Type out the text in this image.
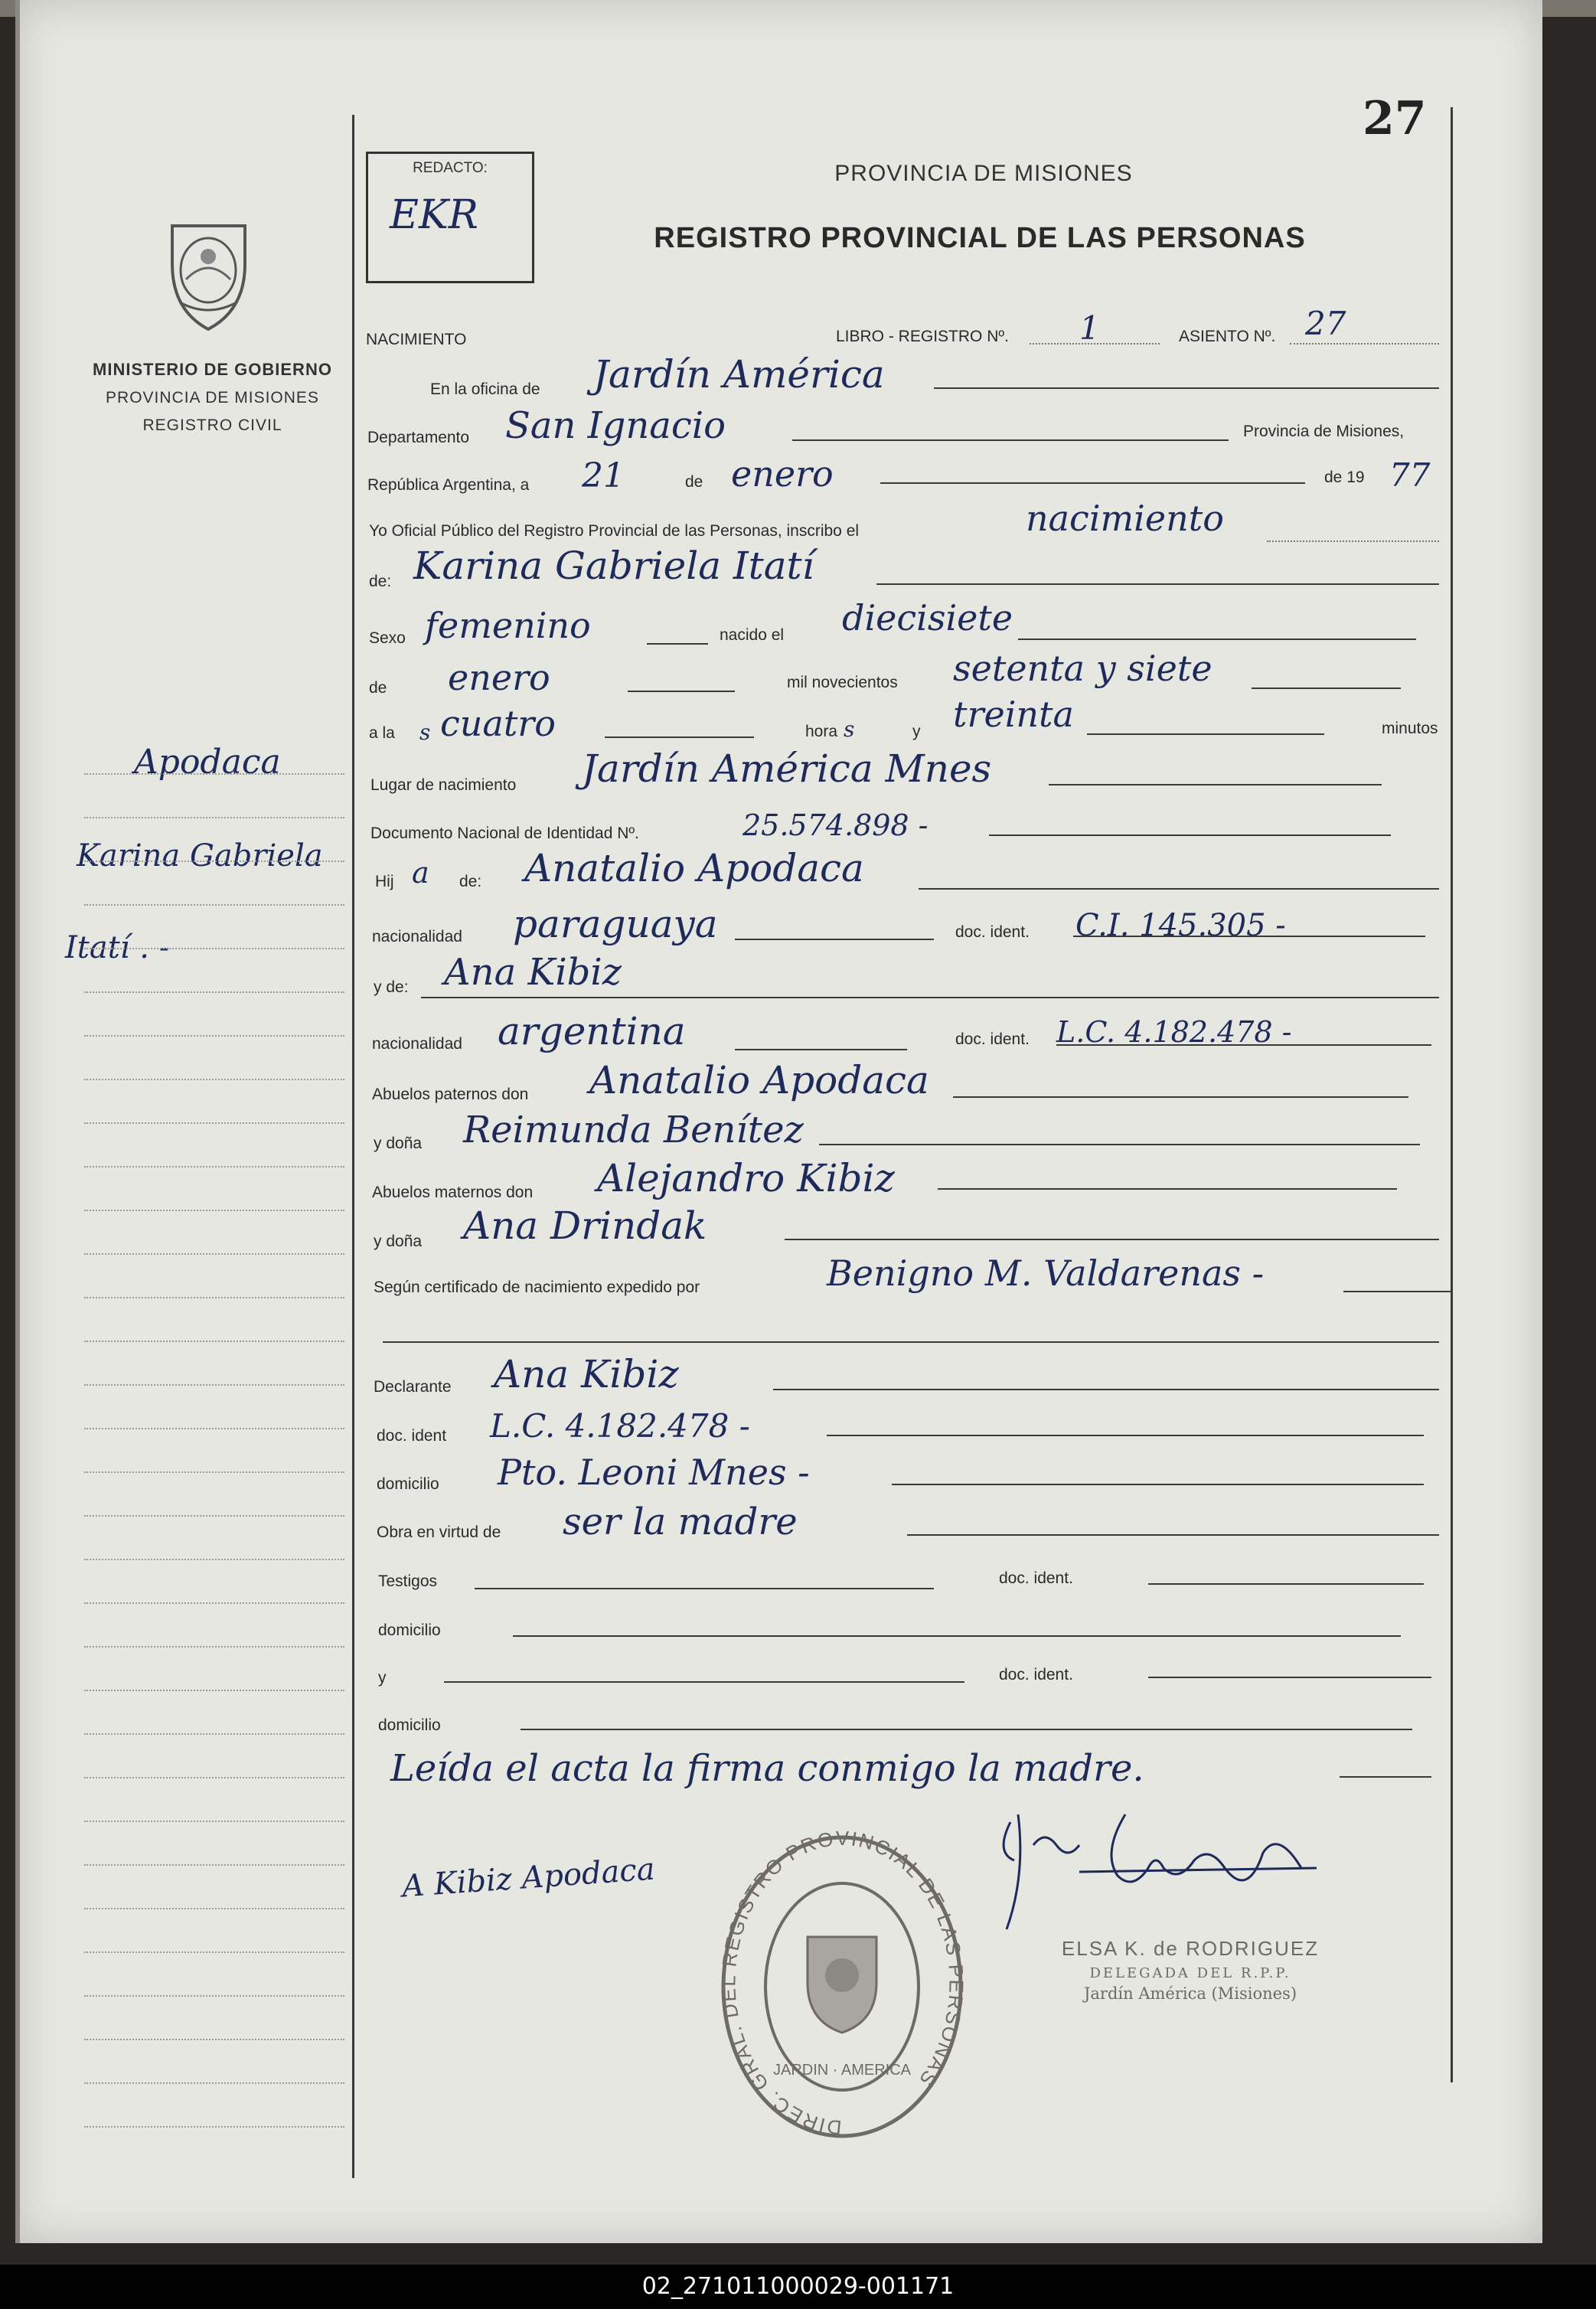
27
REDACTO:
EKR
PROVINCIA DE MISIONES
REGISTRO PROVINCIAL DE LAS PERSONAS
MINISTERIO DE GOBIERNO
PROVINCIA DE MISIONES
REGISTRO CIVIL
Apodaca
Karina Gabriela
Itatí . -
NACIMIENTO	LIBRO - REGISTRO Nº. 1	ASIENTO Nº. 27
En la oficina de Jardín América
Departamento San Ignacio	Provincia de Misiones,
República Argentina, a 21	de enero	de 19 77
Yo Oficial Público del Registro Provincial de las Personas, inscribo el	nacimiento
de: Karina Gabriela Itatí
Sexo femenino	nacido el diecisiete
de enero	mil novecientos setenta y siete
a la s cuatro	hora s	y treinta	minutos
Lugar de nacimiento Jardín América Mnes
Documento Nacional de Identidad Nº.	25.574.898 -
Hij a de: Anatalio Apodaca
nacionalidad paraguaya	doc. ident. C.I. 145.305 -
y de: Ana Kibiz
nacionalidad argentina	doc. ident. L.C. 4.182.478 -
Abuelos paternos don Anatalio Apodaca
y doña Reimunda Benítez
Abuelos maternos don Alejandro Kibiz
y doña Ana Drindak
Según certificado de nacimiento expedido por	Benigno M. Valdarenas -
Declarante Ana Kibiz
doc. ident L.C. 4.182.478 -
domicilio Pto. Leoni Mnes -
Obra en virtud de ser la madre
Testigos	doc. ident.
domicilio
y	doc. ident.
domicilio
Leída el acta la firma conmigo la madre.
A Kibiz Apodaca
DIREC. GRAL. DEL REGISTRO PROVINCIAL DE LAS PERSONAS
JARDIN · AMERICA
ELSA K. de RODRIGUEZ
DELEGADA DEL R.P.P.
Jardín América (Misiones)
02_271011000029-001171
